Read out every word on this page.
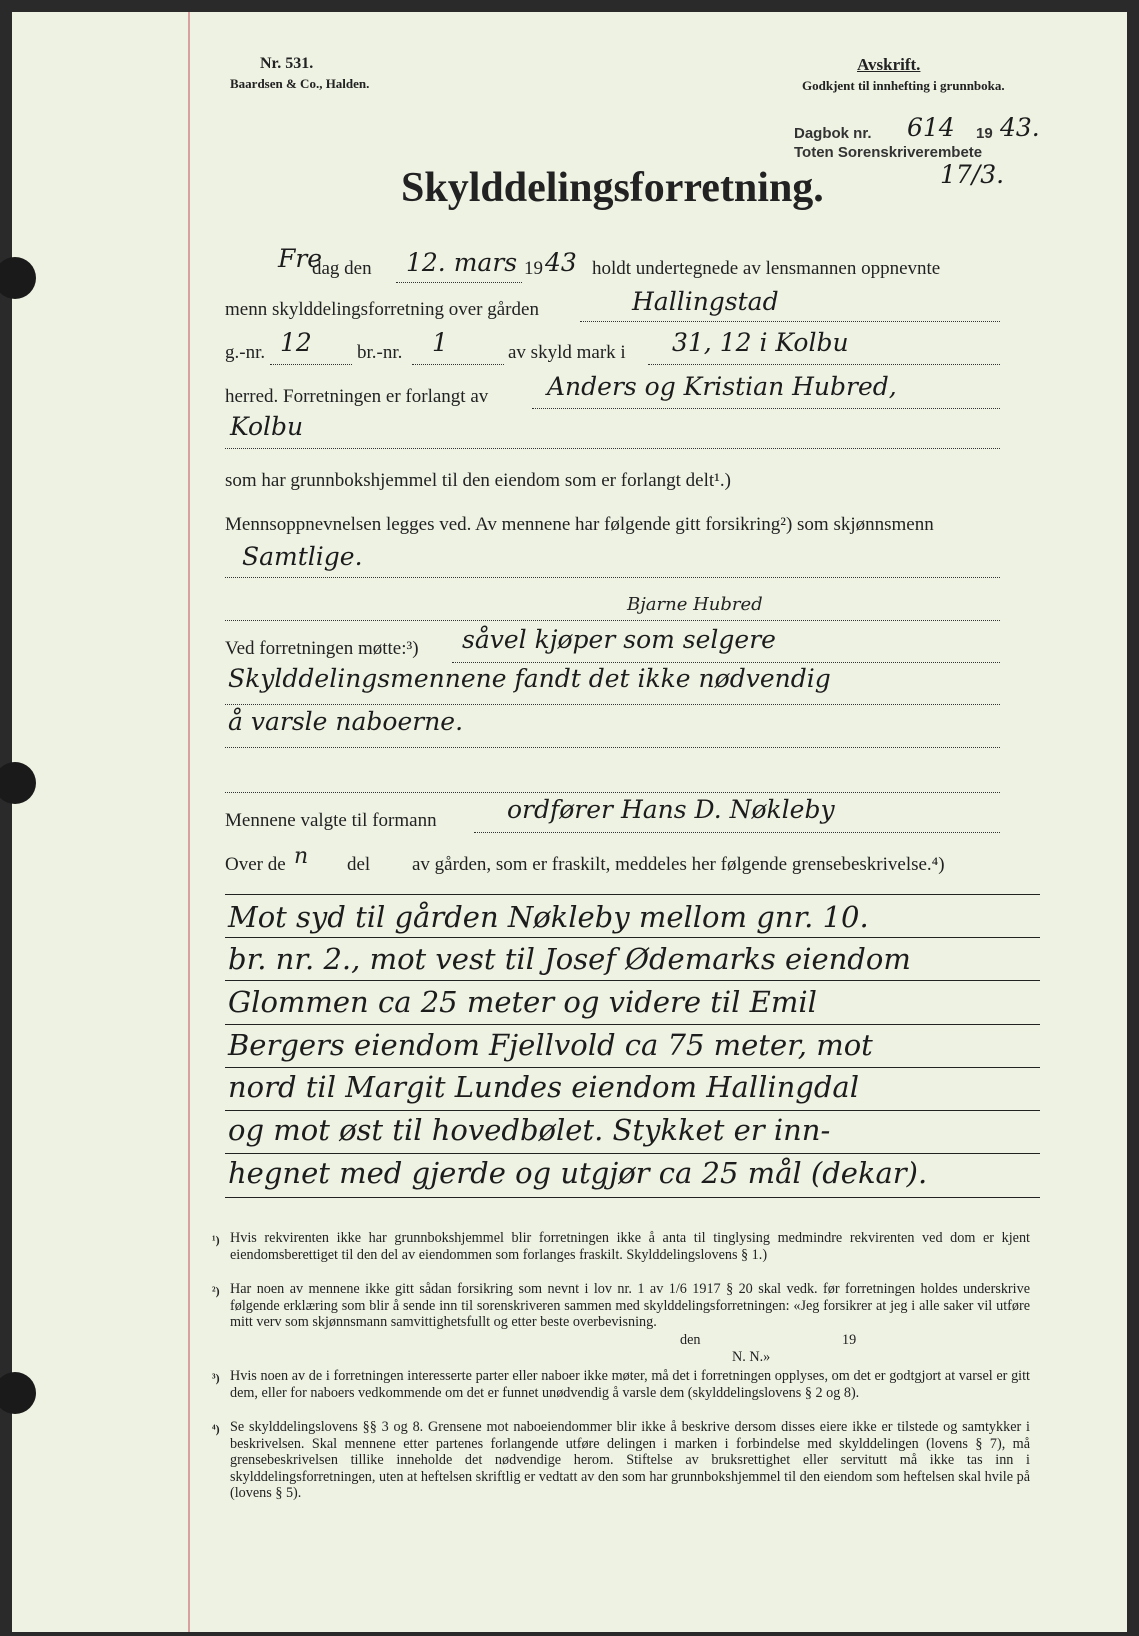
Nr. 531.
Baardsen & Co., Halden.
Avskrift.
Godkjent til innhefting i grunnboka.
Dagbok nr. 614 19 43.
Toten Sorenskriverembete
17/3.
Skylddelingsforretning.
Fre
dag den 12. mars 19 43 holdt undertegnede av lensmannen oppnevnte
menn skylddelingsforretning over gården	Hallingstad
g.-nr. 12 br.-nr. 1	av skyld mark i 31, 12 i Kolbu
herred. Forretningen er forlangt av Anders og Kristian Hubred,
Kolbu
som har grunnbokshjemmel til den eiendom som er forlangt delt¹.)
Mennsoppnevnelsen legges ved. Av mennene har følgende gitt forsikring²) som skjønnsmenn
Samtlige.
Bjarne Hubred
Ved forretningen møtte:³) såvel kjøper som selgere
Skylddelingsmennene fandt det ikke nødvendig
å varsle naboerne.
Mennene valgte til formann	ordfører Hans D. Nøkleby
Over de n del av gården, som er fraskilt, meddeles her følgende grensebeskrivelse.⁴)
Mot syd til gården Nøkleby mellom gnr. 10.
br. nr. 2., mot vest til Josef Ødemarks eiendom
Glommen ca 25 meter og videre til Emil
Bergers eiendom Fjellvold ca 75 meter, mot
nord til Margit Lundes eiendom Hallingdal
og mot øst til hovedbølet. Stykket er inn-
hegnet med gjerde og utgjør ca 25 mål (dekar).
¹) Hvis rekvirenten ikke har grunnbokshjemmel blir forretningen ikke å anta til tinglysing medmindre rekvirenten ved dom er kjent eiendomsberettiget til den del av eiendommen som forlanges fraskilt. Skylddelingslovens § 1.)
²) Har noen av mennene ikke gitt sådan forsikring som nevnt i lov nr. 1 av 1/6 1917 § 20 skal vedk. før forretningen holdes underskrive følgende erklæring som blir å sende inn til sorenskriveren sammen med skylddelingsforretningen: «Jeg forsikrer at jeg i alle saker vil utføre mitt verv som skjønnsmann samvittighetsfullt og etter beste overbevisning.
den	19
N. N.»
³) Hvis noen av de i forretningen interesserte parter eller naboer ikke møter, må det i forretningen opplyses, om det er godtgjort at varsel er gitt dem, eller for naboers vedkommende om det er funnet unødvendig å varsle dem (skylddelingslovens § 2 og 8).
⁴) Se skylddelingslovens §§ 3 og 8. Grensene mot naboeiendommer blir ikke å beskrive dersom disses eiere ikke er tilstede og samtykker i beskrivelsen. Skal mennene etter partenes forlangende utføre delingen i marken i forbindelse med skylddelingen (lovens § 7), må grensebeskrivelsen tillike inneholde det nødvendige herom. Stiftelse av bruksrettighet eller servitutt må ikke tas inn i skylddelingsforretningen, uten at heftelsen skriftlig er vedtatt av den som har grunnbokshjemmel til den eiendom som heftelsen skal hvile på (lovens § 5).
